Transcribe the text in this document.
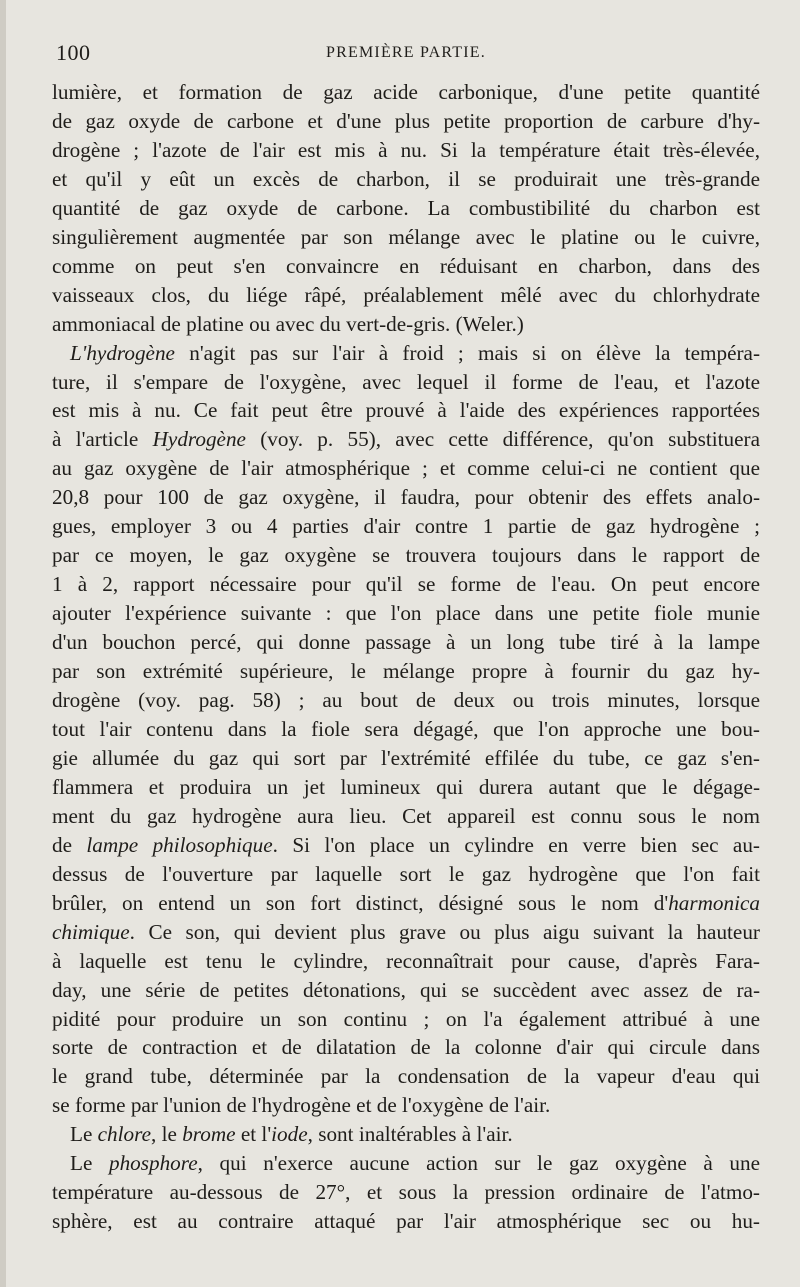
100	PREMIÈRE PARTIE.
lumière, et formation de gaz acide carbonique, d'une petite quantité
de gaz oxyde de carbone et d'une plus petite proportion de carbure d'hy-
drogène ; l'azote de l'air est mis à nu. Si la température était très-élevée,
et qu'il y eût un excès de charbon, il se produirait une très-grande
quantité de gaz oxyde de carbone. La combustibilité du charbon est
singulièrement augmentée par son mélange avec le platine ou le cuivre,
comme on peut s'en convaincre en réduisant en charbon, dans des
vaisseaux clos, du liége râpé, préalablement mêlé avec du chlorhydrate
ammoniacal de platine ou avec du vert-de-gris. (Weler.)
L'hydrogène n'agit pas sur l'air à froid ; mais si on élève la tempéra-
ture, il s'empare de l'oxygène, avec lequel il forme de l'eau, et l'azote
est mis à nu. Ce fait peut être prouvé à l'aide des expériences rapportées
à l'article Hydrogène (voy. p. 55), avec cette différence, qu'on substituera
au gaz oxygène de l'air atmosphérique ; et comme celui-ci ne contient que
20,8 pour 100 de gaz oxygène, il faudra, pour obtenir des effets analo-
gues, employer 3 ou 4 parties d'air contre 1 partie de gaz hydrogène ;
par ce moyen, le gaz oxygène se trouvera toujours dans le rapport de
1 à 2, rapport nécessaire pour qu'il se forme de l'eau. On peut encore
ajouter l'expérience suivante : que l'on place dans une petite fiole munie
d'un bouchon percé, qui donne passage à un long tube tiré à la lampe
par son extrémité supérieure, le mélange propre à fournir du gaz hy-
drogène (voy. pag. 58) ; au bout de deux ou trois minutes, lorsque
tout l'air contenu dans la fiole sera dégagé, que l'on approche une bou-
gie allumée du gaz qui sort par l'extrémité effilée du tube, ce gaz s'en-
flammera et produira un jet lumineux qui durera autant que le dégage-
ment du gaz hydrogène aura lieu. Cet appareil est connu sous le nom
de lampe philosophique. Si l'on place un cylindre en verre bien sec au-
dessus de l'ouverture par laquelle sort le gaz hydrogène que l'on fait
brûler, on entend un son fort distinct, désigné sous le nom d'harmonica
chimique. Ce son, qui devient plus grave ou plus aigu suivant la hauteur
à laquelle est tenu le cylindre, reconnaîtrait pour cause, d'après Fara-
day, une série de petites détonations, qui se succèdent avec assez de ra-
pidité pour produire un son continu ; on l'a également attribué à une
sorte de contraction et de dilatation de la colonne d'air qui circule dans
le grand tube, déterminée par la condensation de la vapeur d'eau qui
se forme par l'union de l'hydrogène et de l'oxygène de l'air.
Le chlore, le brome et l'iode, sont inaltérables à l'air.
Le phosphore, qui n'exerce aucune action sur le gaz oxygène à une
température au-dessous de 27°, et sous la pression ordinaire de l'atmo-
sphère, est au contraire attaqué par l'air atmosphérique sec ou hu-
